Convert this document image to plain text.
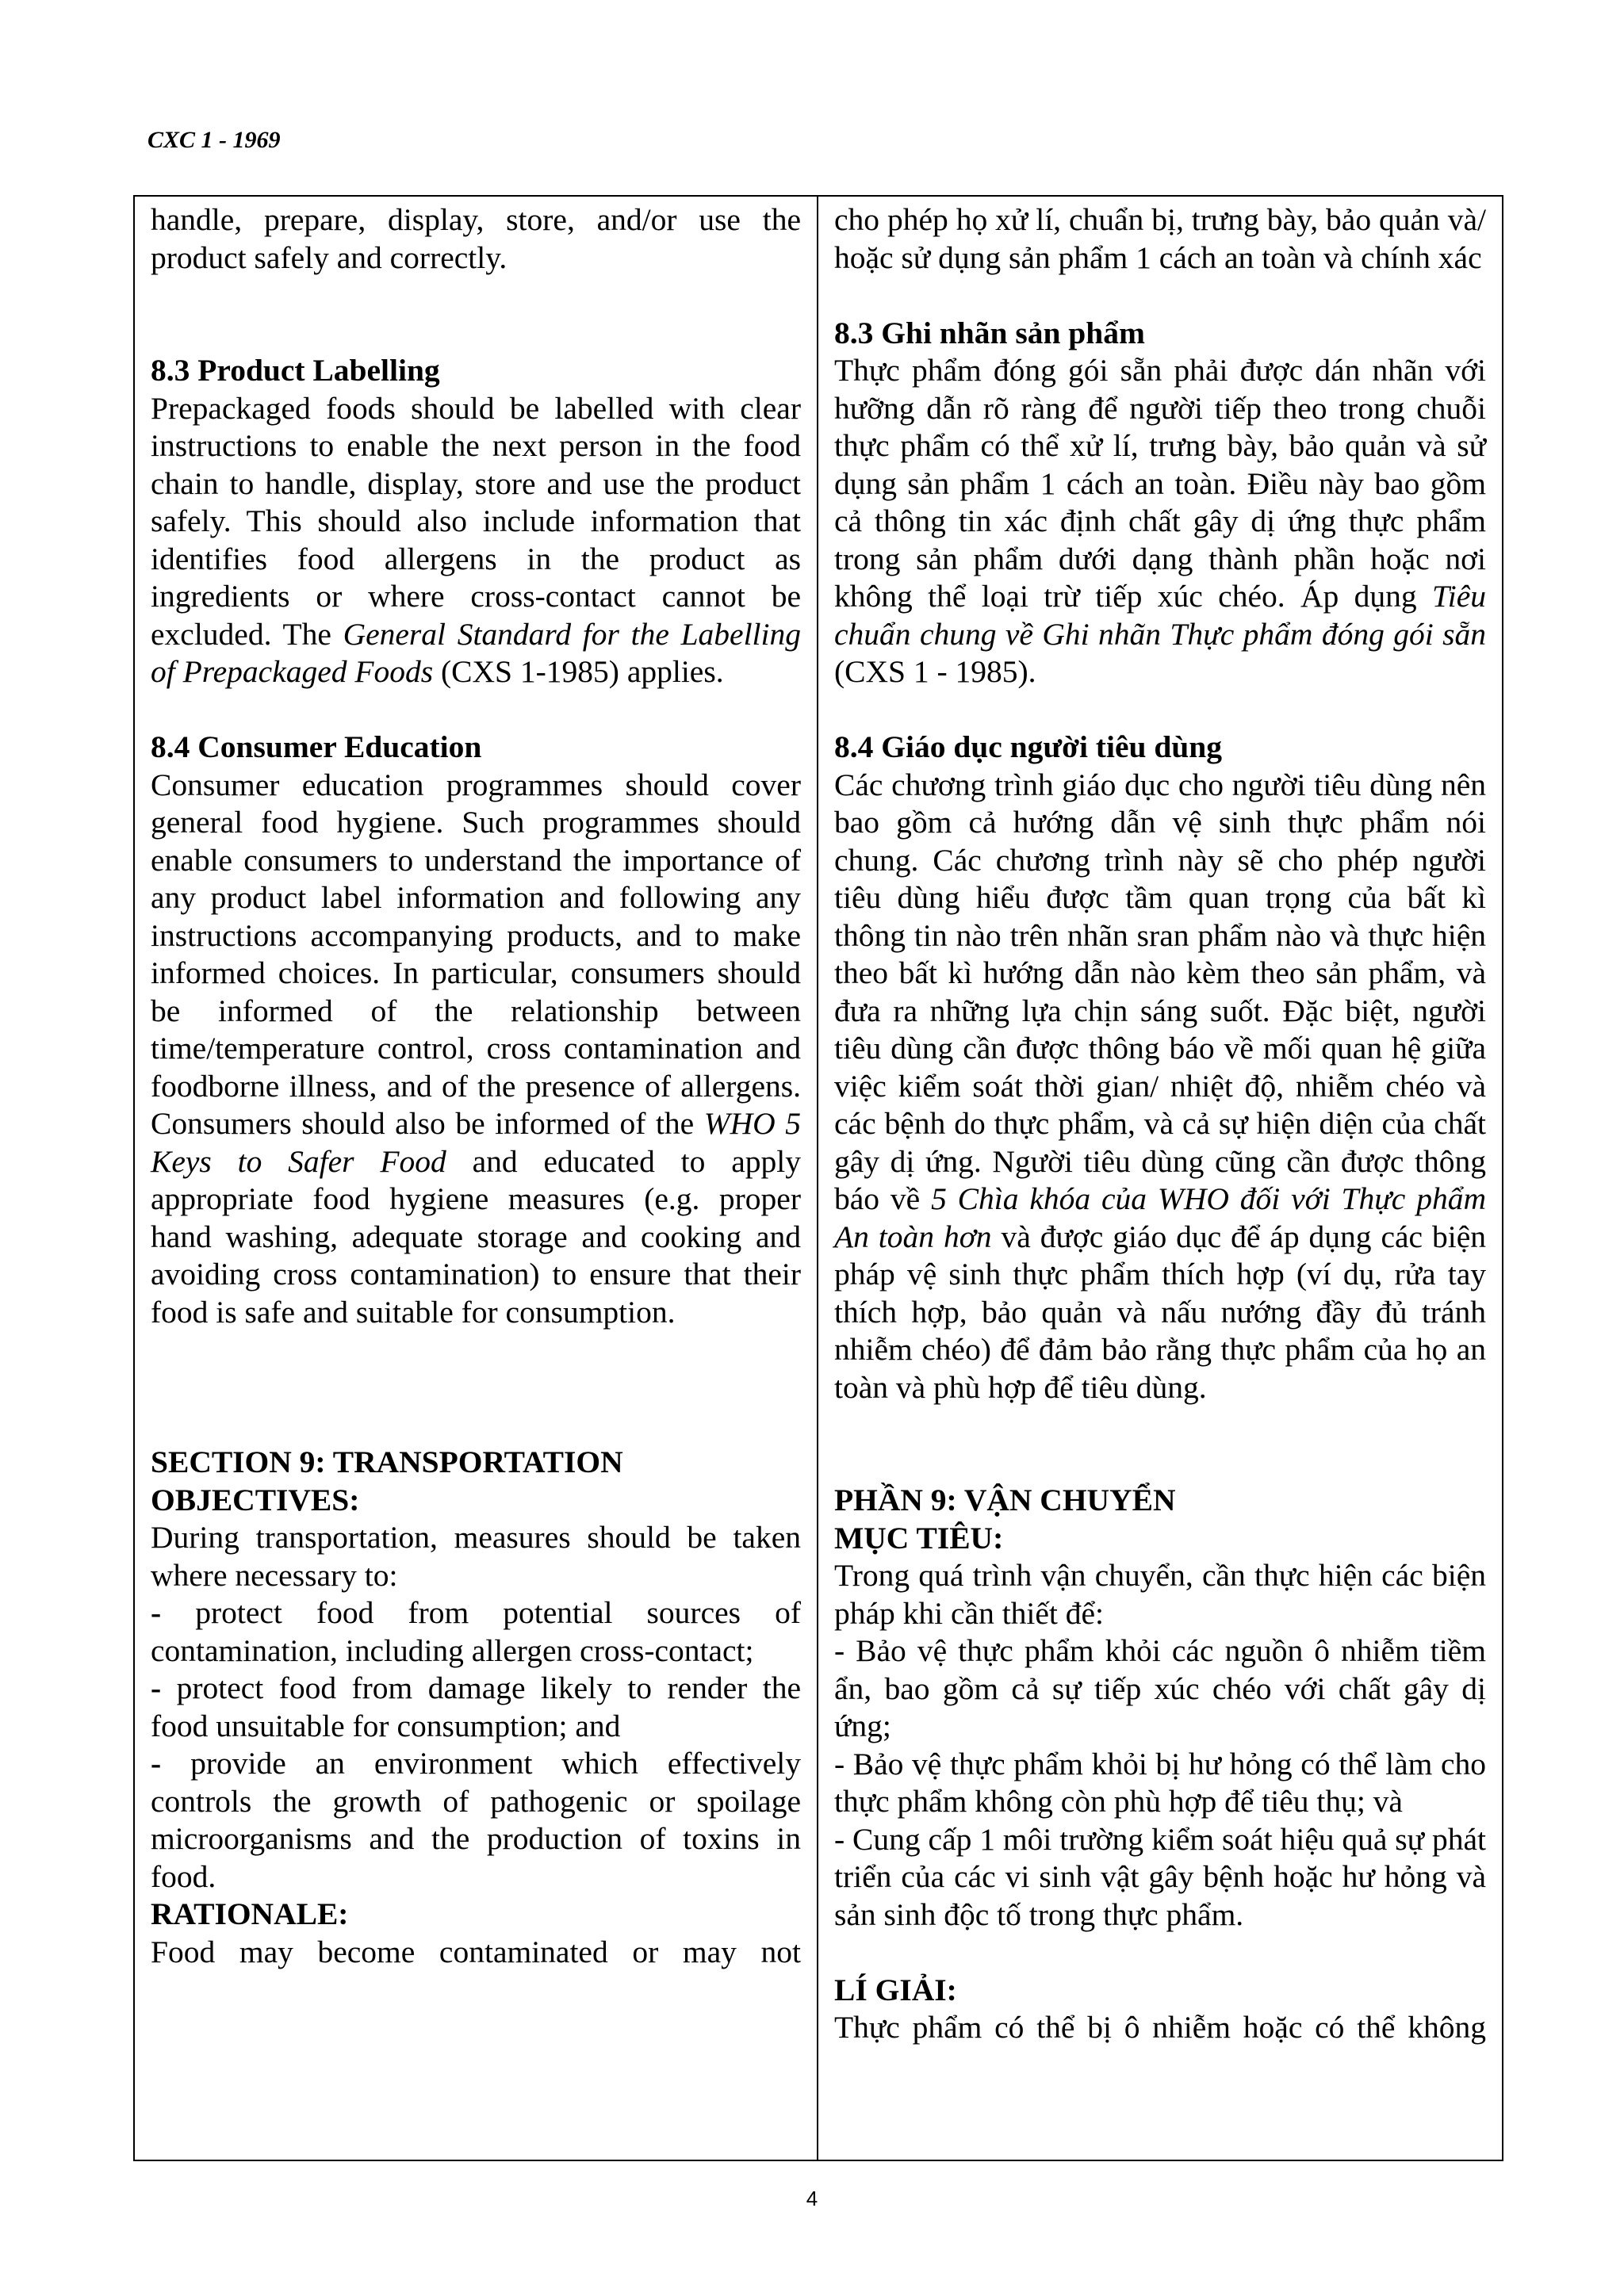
CXC 1 - 1969

handle, prepare, display, store, and/or use the product safely and correctly.

8.3 Product Labelling

Prepackaged foods should be labelled with clear instructions to enable the next person in the food chain to handle, display, store and use the product safely. This should also include information that identifies food allergens in the product as ingredients or where cross-contact cannot be excluded. The General Standard for the Labelling of Prepackaged Foods (CXS 1-1985) applies.

8.4 Consumer Education

Consumer education programmes should cover general food hygiene. Such programmes should enable consumers to understand the importance of any product label information and following any instructions accompanying products, and to make informed choices. In particular, consumers should be informed of the relationship between time/temperature control, cross contamination and foodborne illness, and of the presence of allergens. Consumers should also be informed of the WHO 5 Keys to Safer Food and educated to apply appropriate food hygiene measures (e.g. proper hand washing, adequate storage and cooking and avoiding cross contamination) to ensure that their food is safe and suitable for consumption.

SECTION 9: TRANSPORTATION

OBJECTIVES:

During transportation, measures should be taken where necessary to:

- protect food from potential sources of contamination, including allergen cross-contact;

- protect food from damage likely to render the food unsuitable for consumption; and

- provide an environment which effectively controls the growth of pathogenic or spoilage microorganisms and the production of toxins in food.

RATIONALE:

Food may become contaminated or may not

cho phép họ xử lí, chuẩn bị, trưng bày, bảo quản và/ hoặc sử dụng sản phẩm 1 cách an toàn và chính xác

8.3 Ghi nhãn sản phẩm

Thực phẩm đóng gói sẵn phải được dán nhãn với hưỡng dẫn rõ ràng để người tiếp theo trong chuỗi thực phẩm có thể xử lí, trưng bày, bảo quản và sử dụng sản phẩm 1 cách an toàn. Điều này bao gồm cả thông tin xác định chất gây dị ứng thực phẩm trong sản phẩm dưới dạng thành phần hoặc nơi không thể loại trừ tiếp xúc chéo. Áp dụng Tiêu chuẩn chung về Ghi nhãn Thực phẩm đóng gói sẵn (CXS 1 - 1985).

8.4 Giáo dục người tiêu dùng

Các chương trình giáo dục cho người tiêu dùng nên bao gồm cả hướng dẫn vệ sinh thực phẩm nói chung. Các chương trình này sẽ cho phép người tiêu dùng hiểu được tầm quan trọng của bất kì thông tin nào trên nhãn sran phẩm nào và thực hiện theo bất kì hướng dẫn nào kèm theo sản phẩm, và đưa ra những lựa chịn sáng suốt. Đặc biệt, người tiêu dùng cần được thông báo về mối quan hệ giữa việc kiểm soát thời gian/ nhiệt độ, nhiễm chéo và các bệnh do thực phẩm, và cả sự hiện diện của chất gây dị ứng. Người tiêu dùng cũng cần được thông báo về 5 Chìa khóa của WHO đối với Thực phẩm An toàn hơn và được giáo dục để áp dụng các biện pháp vệ sinh thực phẩm thích hợp (ví dụ, rửa tay thích hợp, bảo quản và nấu nướng đầy đủ tránh nhiễm chéo) để đảm bảo rằng thực phẩm của họ an toàn và phù hợp để tiêu dùng.

PHẦN 9: VẬN CHUYỂN

MỤC TIÊU:

Trong quá trình vận chuyển, cần thực hiện các biện pháp khi cần thiết để:

- Bảo vệ thực phẩm khỏi các nguồn ô nhiễm tiềm ẩn, bao gồm cả sự tiếp xúc chéo với chất gây dị ứng;

- Bảo vệ thực phẩm khỏi bị hư hỏng có thể làm cho thực phẩm không còn phù hợp để tiêu thụ; và

- Cung cấp 1 môi trường kiểm soát hiệu quả sự phát triển của các vi sinh vật gây bệnh hoặc hư hỏng và sản sinh độc tố trong thực phẩm.

LÍ GIẢI:

Thực phẩm có thể bị ô nhiễm hoặc có thể không

4
